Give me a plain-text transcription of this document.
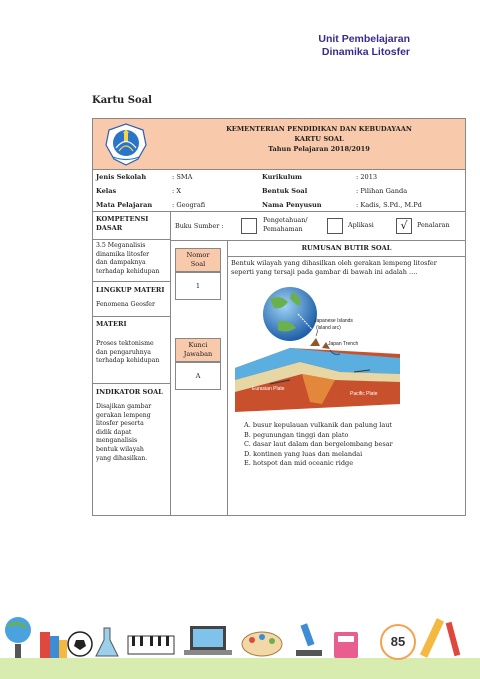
Unit Pembelajaran
Dinamika Litosfer
Kartu Soal
KEMENTERIAN PENDIDIKAN DAN KEBUDAYAAN
KARTU SOAL
Tahun Pelajaran 2018/2019
Jenis Sekolah	: SMA	Kurikulum	: 2013
Kelas	: X	Bentuk Soal	: Pilihan Ganda
Mata Pelajaran	: Geografi	Nama Penyusun	: Kadis, S.Pd., M.Pd
KOMPETENSI
DASAR
3.5 Meganalisis
dinamika litosfer
dan dampaknya
terhadap kehidupan
LINGKUP MATERI
Fenomena Geosfer
MATERI
Proses tektonisme
dan pengaruhnya
terhadap kehidupan
INDIKATOR SOAL
Disajikan gambar
gerakan lempeng
litosfer peserta
didik dapat
menganalisis
bentuk wilayah
yang dihasilkan.
Buku Sumber :
Nomor
Soal
1
Kunci
Jawaban
A
Pengetahuan/
Pemahaman	Aplikasi	√	Penalaran
RUMUSAN BUTIR SOAL
Bentuk wilayah yang dihasilkan oleh gerakan lempeng litosfer
seperti yang tersaji pada gambar di bawah ini adalah ....
Japanese Islands
(island arc)
Japan Trench
Eurasian Plate
Pacific Plate
A. busur kepulauan vulkanik dan palung laut
B. pegunungan tinggi dan plato
C. dasar laut dalam dan bergelombang besar
D. kontinen yang luas dan melandai
E. hotspot dan mid oceanic ridge
85
